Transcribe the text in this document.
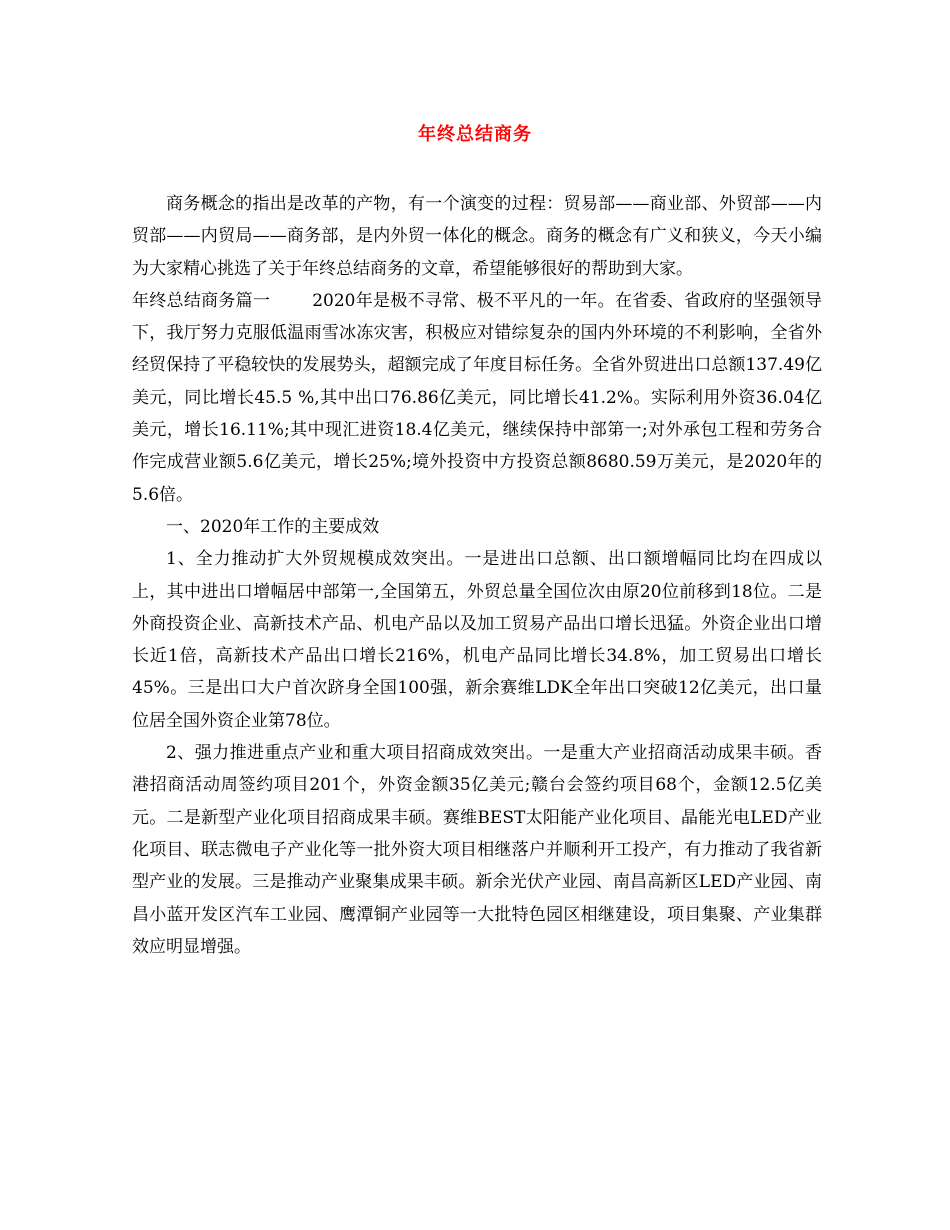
年终总结商务

商务概念的指出是改革的产物，有一个演变的过程：贸易部——商业部、外贸部——内贸部——内贸局——商务部，是内外贸一体化的概念。商务的概念有广义和狭义，今天小编为大家精心挑选了关于年终总结商务的文章，希望能够很好的帮助到大家。

年终总结商务篇一 2020年是极不寻常、极不平凡的一年。在省委、省政府的坚强领导下，我厅努力克服低温雨雪冰冻灾害，积极应对错综复杂的国内外环境的不利影响，全省外经贸保持了平稳较快的发展势头，超额完成了年度目标任务。全省外贸进出口总额137.49亿美元，同比增长45.5 %,其中出口76.86亿美元，同比增长41.2%。实际利用外资36.04亿美元，增长16.11%;其中现汇进资18.4亿美元，继续保持中部第一;对外承包工程和劳务合作完成营业额5.6亿美元，增长25%;境外投资中方投资总额8680.59万美元，是2020年的5.6倍。

一、2020年工作的主要成效

1、全力推动扩大外贸规模成效突出。一是进出口总额、出口额增幅同比均在四成以上，其中进出口增幅居中部第一,全国第五，外贸总量全国位次由原20位前移到18位。二是外商投资企业、高新技术产品、机电产品以及加工贸易产品出口增长迅猛。外资企业出口增长近1倍，高新技术产品出口增长216%，机电产品同比增长34.8%，加工贸易出口增长45%。三是出口大户首次跻身全国100强，新余赛维LDK全年出口突破12亿美元，出口量位居全国外资企业第78位。

2、强力推进重点产业和重大项目招商成效突出。一是重大产业招商活动成果丰硕。香港招商活动周签约项目201个，外资金额35亿美元;赣台会签约项目68个，金额12.5亿美元。二是新型产业化项目招商成果丰硕。赛维BEST太阳能产业化项目、晶能光电LED产业化项目、联志微电子产业化等一批外资大项目相继落户并顺利开工投产，有力推动了我省新型产业的发展。三是推动产业聚集成果丰硕。新余光伏产业园、南昌高新区LED产业园、南昌小蓝开发区汽车工业园、鹰潭铜产业园等一大批特色园区相继建设，项目集聚、产业集群效应明显增强。
